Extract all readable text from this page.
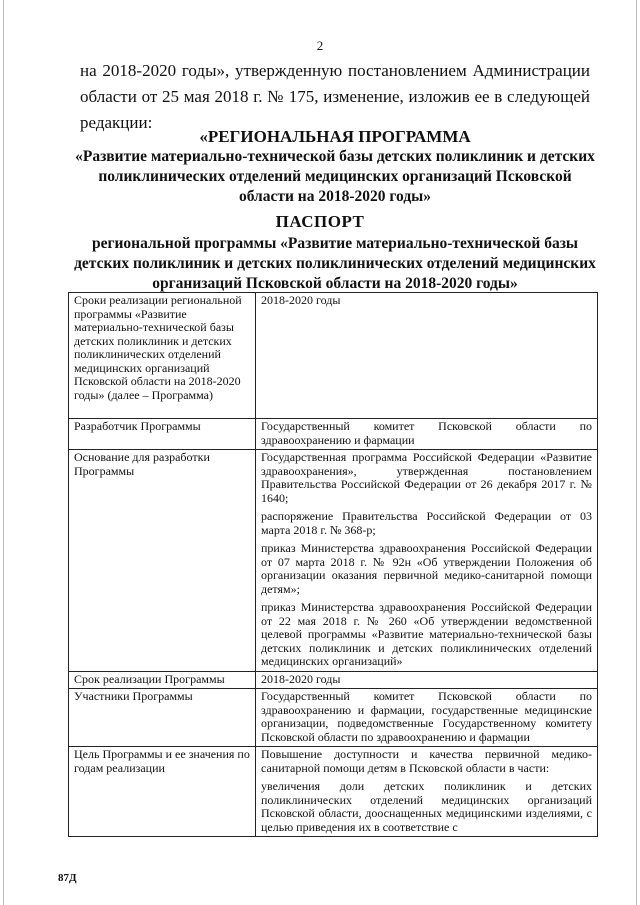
2
на 2018-2020 годы», утвержденную постановлением Администрации
области от 25 мая 2018 г. № 175, изменение, изложив ее в следующей
редакции:
«РЕГИОНАЛЬНАЯ ПРОГРАММА
«Развитие материально-технической базы детских поликлиник и детских
поликлинических отделений медицинских организаций Псковской
области на 2018-2020 годы»
ПАСПОРТ
региональной программы «Развитие материально-технической базы
детских поликлиник и детских поликлинических отделений медицинских
организаций Псковской области на 2018-2020 годы»
Сроки реализации региональной программы «Развитие материально-технической базы детских поликлиник и детских поликлинических отделений медицинских организаций Псковской области на 2018-2020 годы» (далее – Программа)	2018-2020 годы

Разработчик Программы	Государственный комитет Псковской области по здравоохранению и фармации

Основание для разработки Программы	Государственная программа Российской Федерации «Развитие здравоохранения», утвержденная постановлением Правительства Российской Федерации от 26 декабря 2017 г. № 1640;

распоряжение Правительства Российской Федерации от 03 марта 2018 г. № 368-р;

приказ Министерства здравоохранения Российской Федерации от 07 марта 2018 г. № 92н «Об утверждении Положения об организации оказания первичной медико-санитарной помощи детям»;

приказ Министерства здравоохранения Российской Федерации от 22 мая 2018 г. № 260 «Об утверждении ведомственной целевой программы «Развитие материально-технической базы детских поликлиник и детских поликлинических отделений медицинских организаций»

Срок реализации Программы	2018-2020 годы

Участники Программы	Государственный комитет Псковской области по здравоохранению и фармации, государственные медицинские организации, подведомственные Государственному комитету Псковской области по здравоохранению и фармации

Цель Программы и ее значения по годам реализации	Повышение доступности и качества первичной медико-санитарной помощи детям в Псковской области в части:

увеличения доли детских поликлиник и детских поликлинических отделений медицинских организаций Псковской области, дооснащенных медицинскими изделиями, с целью приведения их в соответствие с

87Д
